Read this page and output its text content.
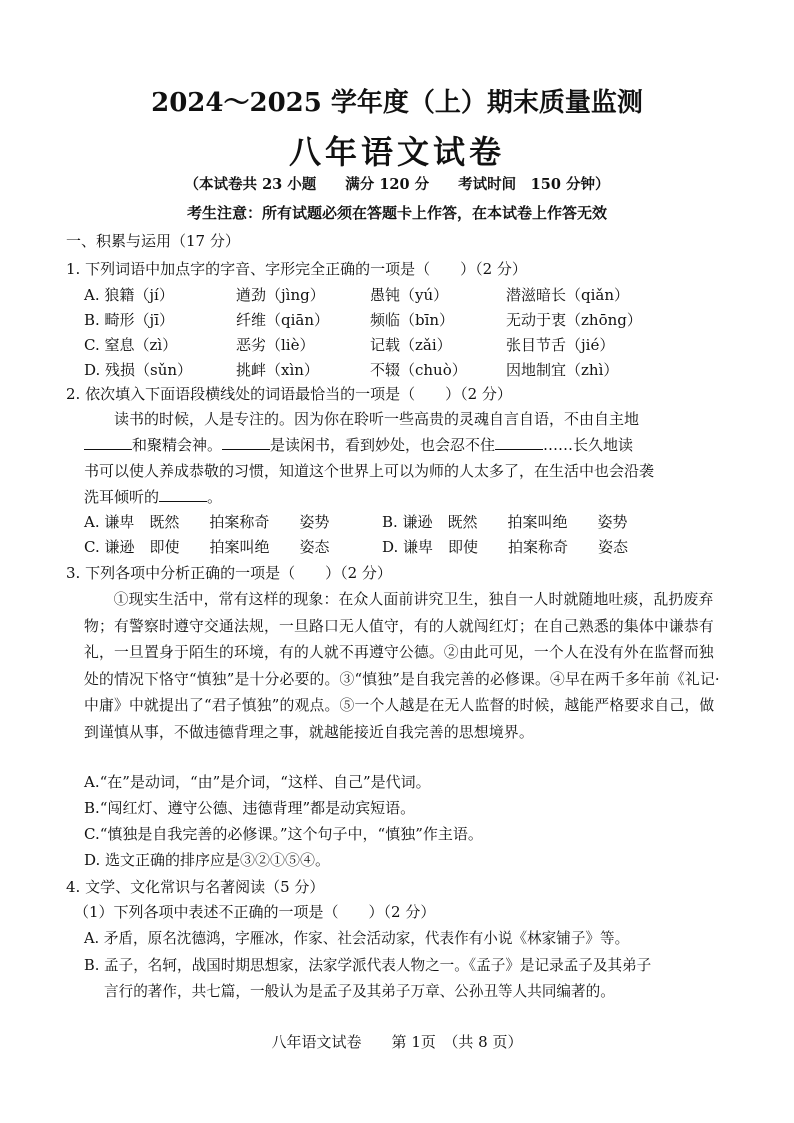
2024～2025 学年度（上）期末质量监测
八年语文试卷
（本试卷共 23 小题　　满分 120 分　　考试时间　150 分钟）
考生注意：所有试题必须在答题卡上作答，在本试卷上作答无效
一、积累与运用（17 分）
1. 下列词语中加点字的字音、字形完全正确的一项是（　　）（2 分）
A. 狼籍（jí）	遒劲（jìng）	愚钝（yú）	潜滋暗长（qiǎn）
B. 畸形（jī）	纤维（qiān）	频临（bīn）	无动于衷（zhōng）
C. 窒息（zì）	恶劣（liè）	记载（zǎi）	张目节舌（jié）
D. 残损（sǔn）	挑衅（xìn）	不辍（chuò）	因地制宜（zhì）
2. 依次填入下面语段横线处的词语最恰当的一项是（　　）（2 分）
读书的时候，人是专注的。因为你在聆听一些高贵的灵魂自言自语，不由自主地
和聚精会神。	是读闲书，看到妙处，也会忍不住	……长久地读
书可以使人养成恭敬的习惯，知道这个世界上可以为师的人太多了，在生活中也会沿袭
洗耳倾听的	。
A. 谦卑　既然　　拍案称奇　　姿势	B. 谦逊　既然　　拍案叫绝　　姿势
C. 谦逊　即使　　拍案叫绝　　姿态	D. 谦卑　即使　　拍案称奇　　姿态
3. 下列各项中分析正确的一项是（　　）（2 分）
①现实生活中，常有这样的现象：在众人面前讲究卫生，独自一人时就随地吐痰，乱扔废弃物；有警察时遵守交通法规，一旦路口无人值守，有的人就闯红灯；在自己熟悉的集体中谦恭有礼，一旦置身于陌生的环境，有的人就不再遵守公德。②由此可见，一个人在没有外在监督而独处的情况下恪守“慎独”是十分必要的。③“慎独”是自我完善的必修课。④早在两千多年前《礼记·中庸》中就提出了“君子慎独”的观点。⑤一个人越是在无人监督的时候，越能严格要求自己，做到谨慎从事，不做违德背理之事，就越能接近自我完善的思想境界。
A.“在”是动词，“由”是介词，“这样、自己”是代词。
B.“闯红灯、遵守公德、违德背理”都是动宾短语。
C.“慎独是自我完善的必修课。”这个句子中，“慎独”作主语。
D. 选文正确的排序应是③②①⑤④。
4. 文学、文化常识与名著阅读（5 分）
（1）下列各项中表述不正确的一项是（　　）（2 分）
A. 矛盾，原名沈德鸿，字雁冰，作家、社会活动家，代表作有小说《林家铺子》等。
B. 孟子，名轲，战国时期思想家，法家学派代表人物之一。《孟子》是记录孟子及其弟子
言行的著作，共七篇，一般认为是孟子及其弟子万章、公孙丑等人共同编著的。
八年语文试卷　　第 1页　（共 8 页）
